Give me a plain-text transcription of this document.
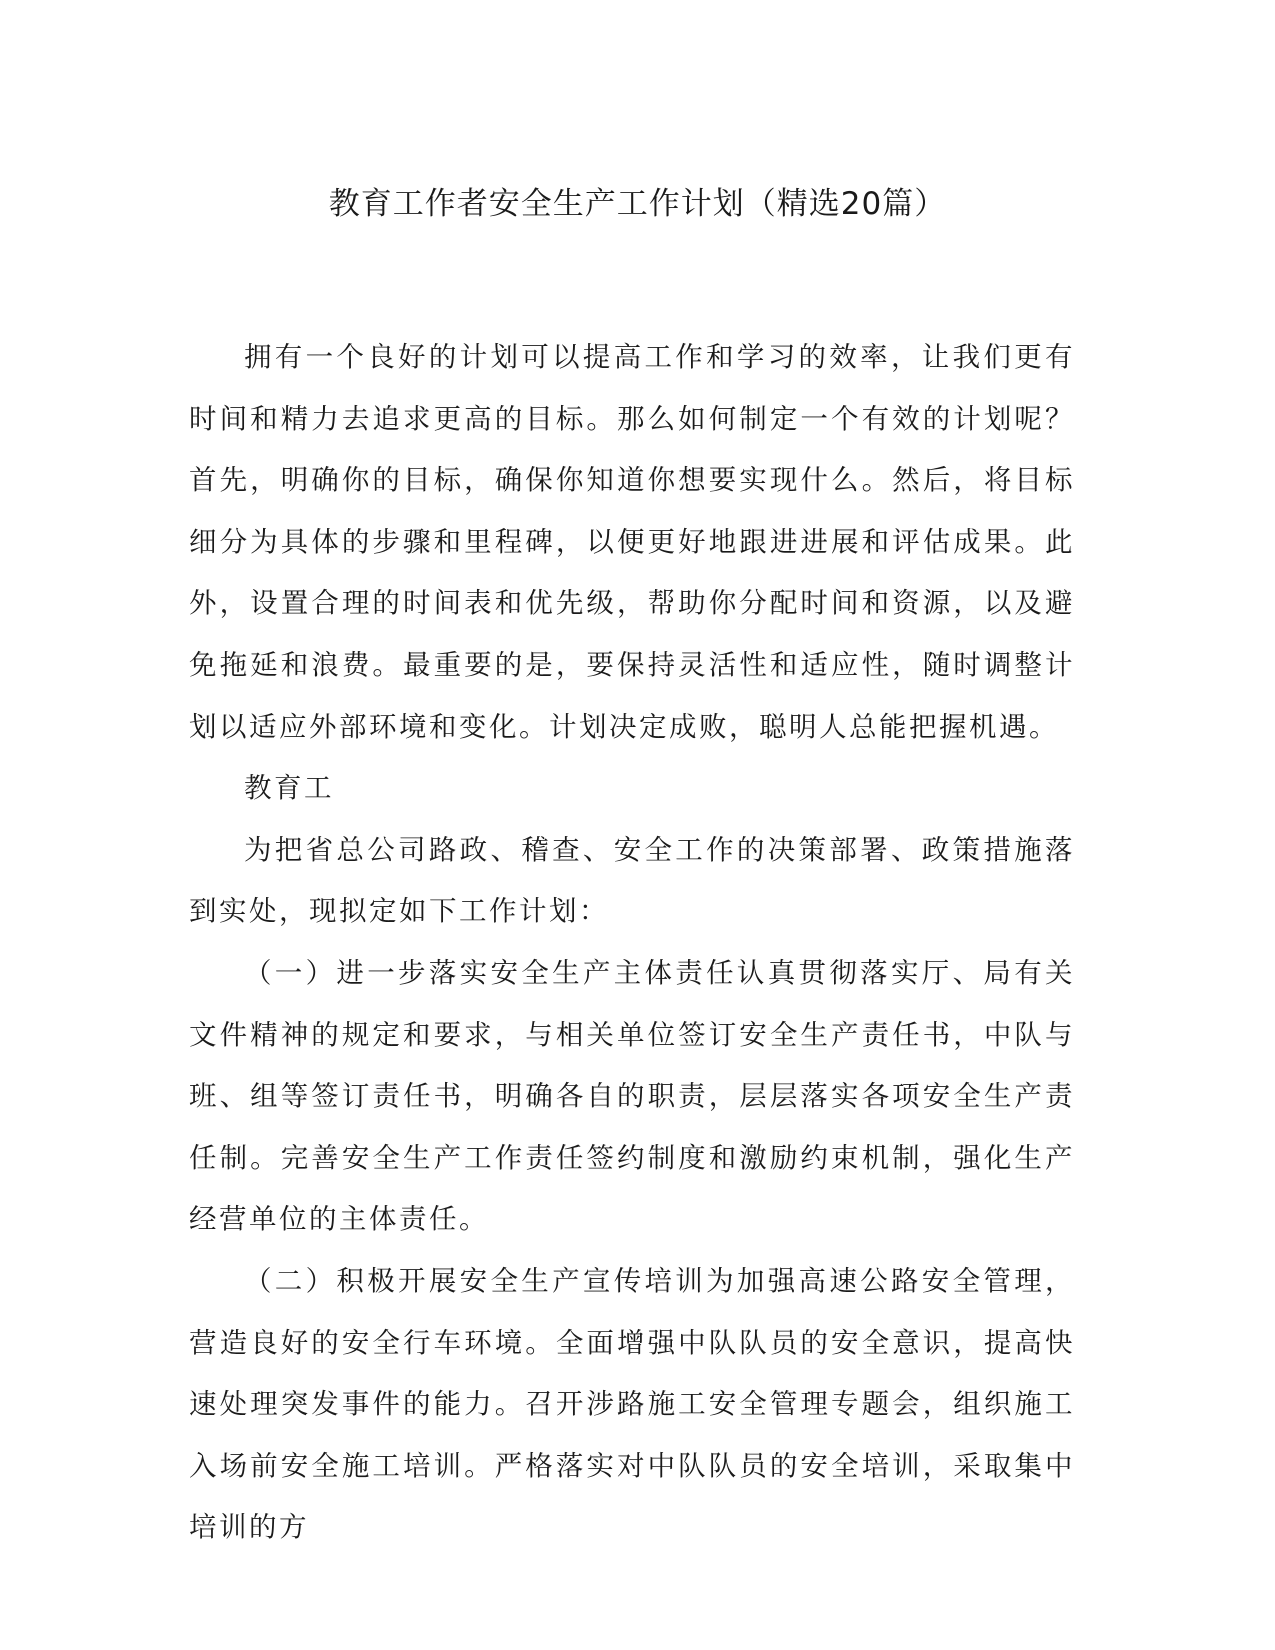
教育工作者安全生产工作计划（精选20篇）

拥有一个良好的计划可以提高工作和学习的效率，让我们更有时间和精力去追求更高的目标。那么如何制定一个有效的计划呢？首先，明确你的目标，确保你知道你想要实现什么。然后，将目标细分为具体的步骤和里程碑，以便更好地跟进进展和评估成果。此外，设置合理的时间表和优先级，帮助你分配时间和资源，以及避免拖延和浪费。最重要的是，要保持灵活性和适应性，随时调整计划以适应外部环境和变化。计划决定成败，聪明人总能把握机遇。

教育工

为把省总公司路政、稽查、安全工作的决策部署、政策措施落到实处，现拟定如下工作计划：

（一）进一步落实安全生产主体责任认真贯彻落实厅、局有关文件精神的规定和要求，与相关单位签订安全生产责任书，中队与班、组等签订责任书，明确各自的职责，层层落实各项安全生产责任制。完善安全生产工作责任签约制度和激励约束机制，强化生产经营单位的主体责任。

（二）积极开展安全生产宣传培训为加强高速公路安全管理，营造良好的安全行车环境。全面增强中队队员的安全意识，提高快速处理突发事件的能力。召开涉路施工安全管理专题会，组织施工入场前安全施工培训。严格落实对中队队员的安全培训，采取集中培训的方
